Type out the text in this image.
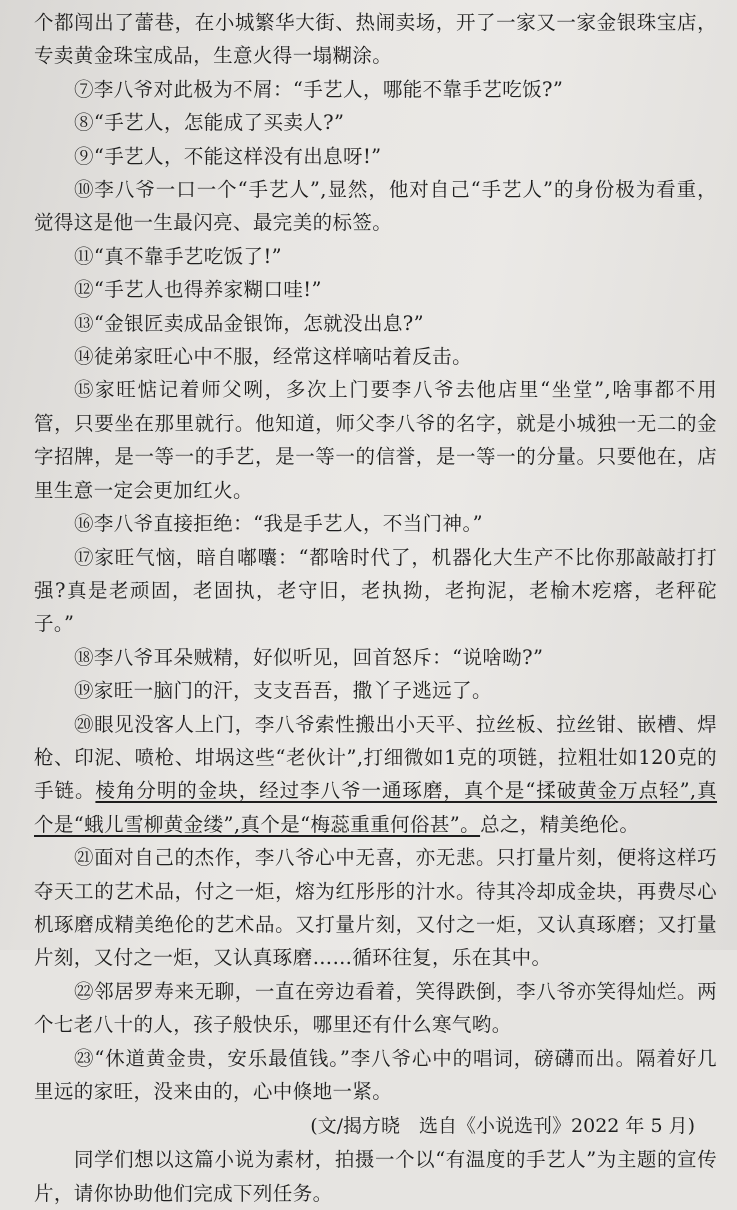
个都闯出了蕾巷，在小城繁华大街、热闹卖场，开了一家又一家金银珠宝店，专卖黄金珠宝成品，生意火得一塌糊涂。

⑦李八爷对此极为不屑：“手艺人，哪能不靠手艺吃饭?”

⑧“手艺人，怎能成了买卖人?”

⑨“手艺人，不能这样没有出息呀!”

⑩李八爷一口一个“手艺人”,显然，他对自己“手艺人”的身份极为看重，觉得这是他一生最闪亮、最完美的标签。

⑪“真不靠手艺吃饭了!”

⑫“手艺人也得养家糊口哇!”

⑬“金银匠卖成品金银饰，怎就没出息?”

⑭徒弟家旺心中不服，经常这样嘀咕着反击。

⑮家旺惦记着师父咧，多次上门要李八爷去他店里“坐堂”,啥事都不用管，只要坐在那里就行。他知道，师父李八爷的名字，就是小城独一无二的金字招牌，是一等一的手艺，是一等一的信誉，是一等一的分量。只要他在，店里生意一定会更加红火。

⑯李八爷直接拒绝：“我是手艺人，不当门神。”

⑰家旺气恼，暗自嘟囔：“都啥时代了，机器化大生产不比你那敲敲打打强?真是老顽固，老固执，老守旧，老执拗，老拘泥，老榆木疙瘩，老秤砣子。”

⑱李八爷耳朵贼精，好似听见，回首怒斥：“说啥呦?”

⑲家旺一脑门的汗，支支吾吾，撒丫子逃远了。

⑳眼见没客人上门，李八爷索性搬出小天平、拉丝板、拉丝钳、嵌槽、焊枪、印泥、喷枪、坩埚这些“老伙计”,打细微如1克的项链，拉粗壮如120克的手链。棱角分明的金块，经过李八爷一通琢磨，真个是“揉破黄金万点轻”,真个是“蛾儿雪柳黄金缕”,真个是“梅蕊重重何俗甚”。总之，精美绝伦。

㉑面对自己的杰作，李八爷心中无喜，亦无悲。只打量片刻，便将这样巧夺天工的艺术品，付之一炬，熔为红彤彤的汁水。待其冷却成金块，再费尽心机琢磨成精美绝伦的艺术品。又打量片刻，又付之一炬，又认真琢磨；又打量片刻，又付之一炬，又认真琢磨……循环往复，乐在其中。

㉒邻居罗寿来无聊，一直在旁边看着，笑得跌倒，李八爷亦笑得灿烂。两个七老八十的人，孩子般快乐，哪里还有什么寒气哟。

㉓“休道黄金贵，安乐最值钱。”李八爷心中的唱词，磅礴而出。隔着好几里远的家旺，没来由的，心中倏地一紧。

(文/揭方晓　选自《小说选刊》2022 年 5 月)

同学们想以这篇小说为素材，拍摄一个以“有温度的手艺人”为主题的宣传片，请你协助他们完成下列任务。
